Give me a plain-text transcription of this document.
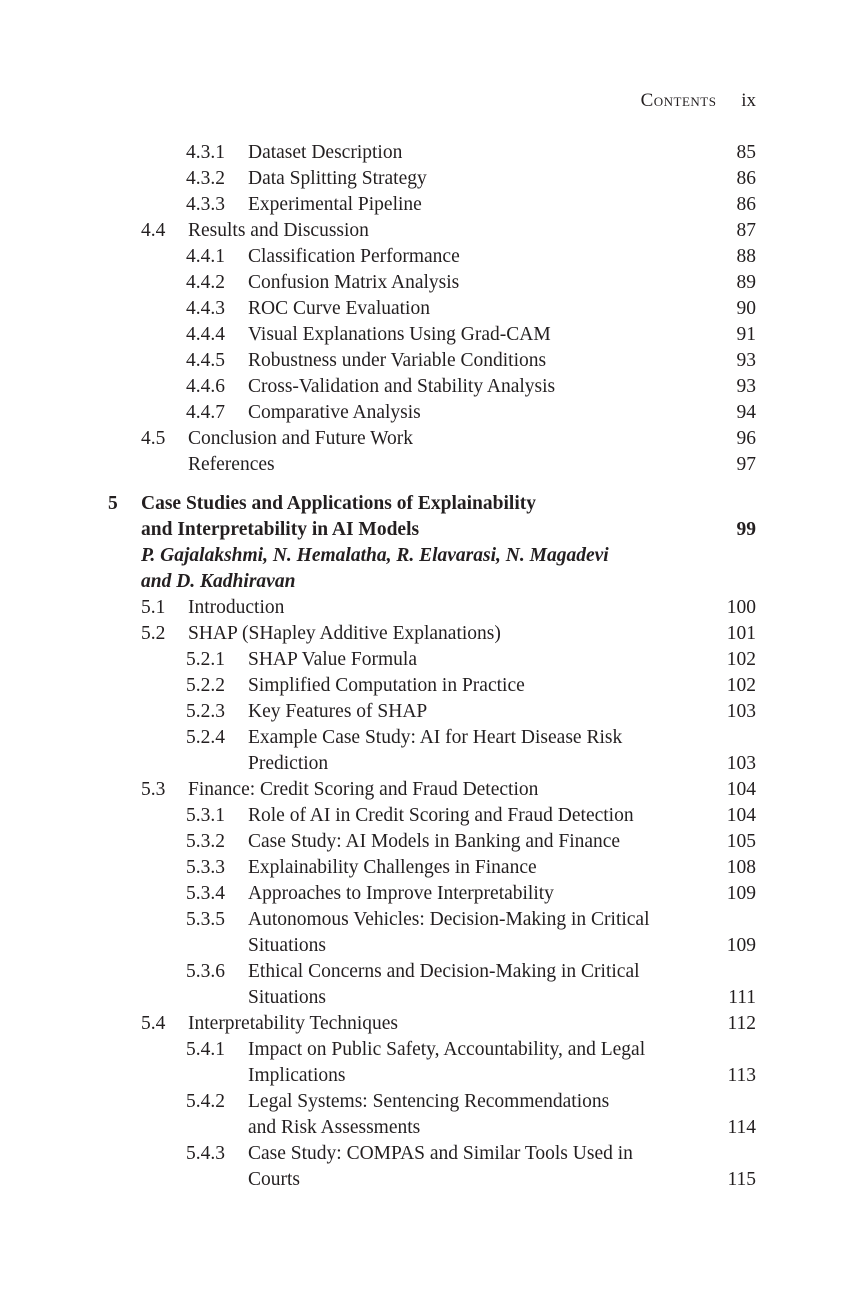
Contents ix
4.3.1 Dataset Description	85
4.3.2 Data Splitting Strategy	86
4.3.3 Experimental Pipeline	86
4.4 Results and Discussion	87
4.4.1 Classification Performance	88
4.4.2 Confusion Matrix Analysis	89
4.4.3 ROC Curve Evaluation	90
4.4.4 Visual Explanations Using Grad-CAM	91
4.4.5 Robustness under Variable Conditions	93
4.4.6 Cross-Validation and Stability Analysis	93
4.4.7 Comparative Analysis	94
4.5 Conclusion and Future Work	96
References	97
5 Case Studies and Applications of Explainability
and Interpretability in AI Models	99
P. Gajalakshmi, N. Hemalatha, R. Elavarasi, N. Magadevi
and D. Kadhiravan
5.1 Introduction	100
5.2 SHAP (SHapley Additive Explanations)	101
5.2.1 SHAP Value Formula	102
5.2.2 Simplified Computation in Practice	102
5.2.3 Key Features of SHAP	103
5.2.4 Example Case Study: AI for Heart Disease Risk
Prediction	103
5.3 Finance: Credit Scoring and Fraud Detection	104
5.3.1 Role of AI in Credit Scoring and Fraud Detection	104
5.3.2 Case Study: AI Models in Banking and Finance	105
5.3.3 Explainability Challenges in Finance	108
5.3.4 Approaches to Improve Interpretability	109
5.3.5 Autonomous Vehicles: Decision-Making in Critical
Situations	109
5.3.6 Ethical Concerns and Decision-Making in Critical
Situations	111
5.4 Interpretability Techniques	112
5.4.1 Impact on Public Safety, Accountability, and Legal
Implications	113
5.4.2 Legal Systems: Sentencing Recommendations
and Risk Assessments	114
5.4.3 Case Study: COMPAS and Similar Tools Used in
Courts	115
